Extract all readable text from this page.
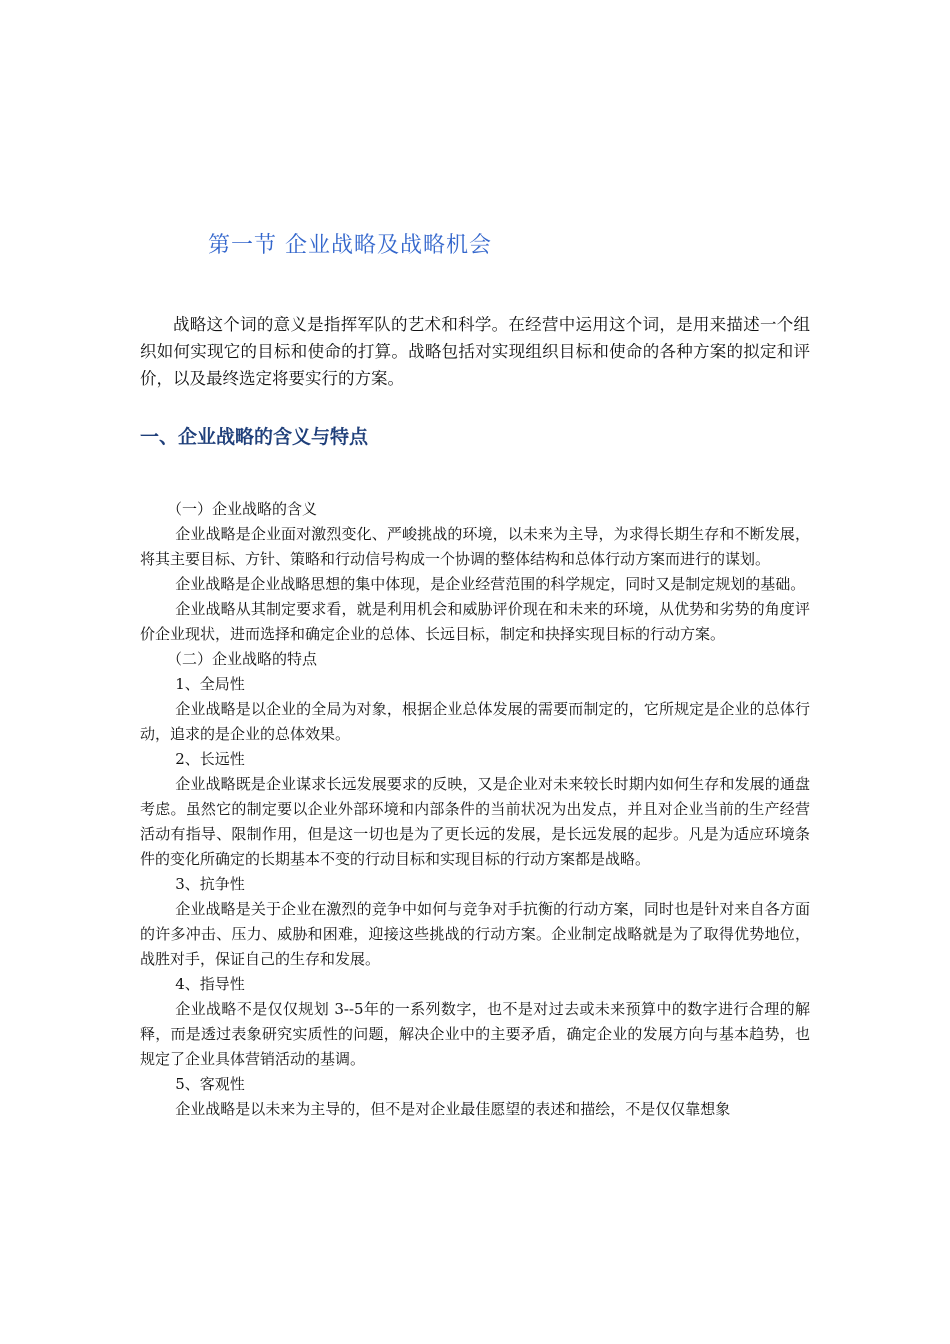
第一节 企业战略及战略机会

战略这个词的意义是指挥军队的艺术和科学。在经营中运用这个词，是用来描述一个组织如何实现它的目标和使命的打算。战略包括对实现组织目标和使命的各种方案的拟定和评价，以及最终选定将要实行的方案。

一、企业战略的含义与特点

（一）企业战略的含义

企业战略是企业面对激烈变化、严峻挑战的环境，以未来为主导，为求得长期生存和不断发展，将其主要目标、方针、策略和行动信号构成一个协调的整体结构和总体行动方案而进行的谋划。

企业战略是企业战略思想的集中体现，是企业经营范围的科学规定，同时又是制定规划的基础。

企业战略从其制定要求看，就是利用机会和威胁评价现在和未来的环境，从优势和劣势的角度评价企业现状，进而选择和确定企业的总体、长远目标，制定和抉择实现目标的行动方案。

（二）企业战略的特点

1、全局性

企业战略是以企业的全局为对象，根据企业总体发展的需要而制定的，它所规定是企业的总体行动，追求的是企业的总体效果。

2、长远性

企业战略既是企业谋求长远发展要求的反映，又是企业对未来较长时期内如何生存和发展的通盘考虑。虽然它的制定要以企业外部环境和内部条件的当前状况为出发点，并且对企业当前的生产经营活动有指导、限制作用，但是这一切也是为了更长远的发展，是长远发展的起步。凡是为适应环境条件的变化所确定的长期基本不变的行动目标和实现目标的行动方案都是战略。

3、抗争性

企业战略是关于企业在激烈的竞争中如何与竞争对手抗衡的行动方案，同时也是针对来自各方面的许多冲击、压力、威胁和困难，迎接这些挑战的行动方案。企业制定战略就是为了取得优势地位，战胜对手，保证自己的生存和发展。

4、指导性

企业战略不是仅仅规划 3--5年的一系列数字，也不是对过去或未来预算中的数字进行合理的解释，而是透过表象研究实质性的问题，解决企业中的主要矛盾，确定企业的发展方向与基本趋势，也规定了企业具体营销活动的基调。

5、客观性

企业战略是以未来为主导的，但不是对企业最佳愿望的表述和描绘，不是仅仅靠想象
